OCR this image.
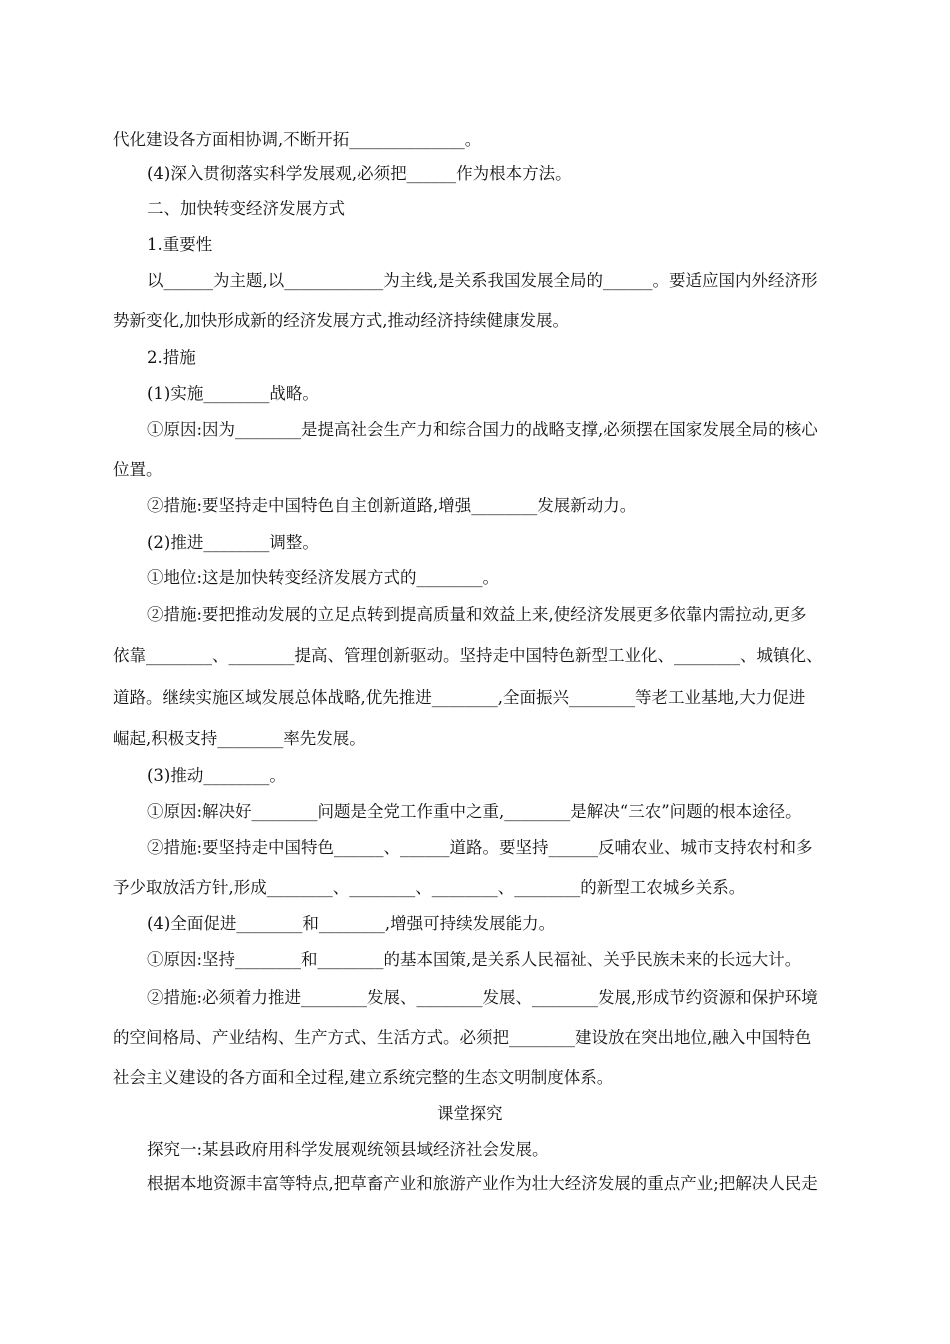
代化建设各方面相协调,不断开拓______________。
(4)深入贯彻落实科学发展观,必须把______作为根本方法。
二、加快转变经济发展方式
1.重要性
以______为主题,以____________为主线,是关系我国发展全局的______。要适应国内外经济形
势新变化,加快形成新的经济发展方式,推动经济持续健康发展。
2.措施
(1)实施________战略。
①原因:因为________是提高社会生产力和综合国力的战略支撑,必须摆在国家发展全局的核心
位置。
②措施:要坚持走中国特色自主创新道路,增强________发展新动力。
(2)推进________调整。
①地位:这是加快转变经济发展方式的________。
②措施:要把推动发展的立足点转到提高质量和效益上来,使经济发展更多依靠内需拉动,更多
依靠________、________提高、管理创新驱动。坚持走中国特色新型工业化、________、城镇化、
道路。继续实施区域发展总体战略,优先推进________,全面振兴________等老工业基地,大力促进
崛起,积极支持________率先发展。
(3)推动________。
①原因:解决好________问题是全党工作重中之重,________是解决“三农”问题的根本途径。
②措施:要坚持走中国特色______、______道路。要坚持______反哺农业、城市支持农村和多
予少取放活方针,形成________、________、________、________的新型工农城乡关系。
(4)全面促进________和________,增强可持续发展能力。
①原因:坚持________和________的基本国策,是关系人民福祉、关乎民族未来的长远大计。
②措施:必须着力推进________发展、________发展、________发展,形成节约资源和保护环境
的空间格局、产业结构、生产方式、生活方式。必须把________建设放在突出地位,融入中国特色
社会主义建设的各方面和全过程,建立系统完整的生态文明制度体系。
课堂探究
探究一:某县政府用科学发展观统领县域经济社会发展。
根据本地资源丰富等特点,把草畜产业和旅游产业作为壮大经济发展的重点产业;把解决人民走
